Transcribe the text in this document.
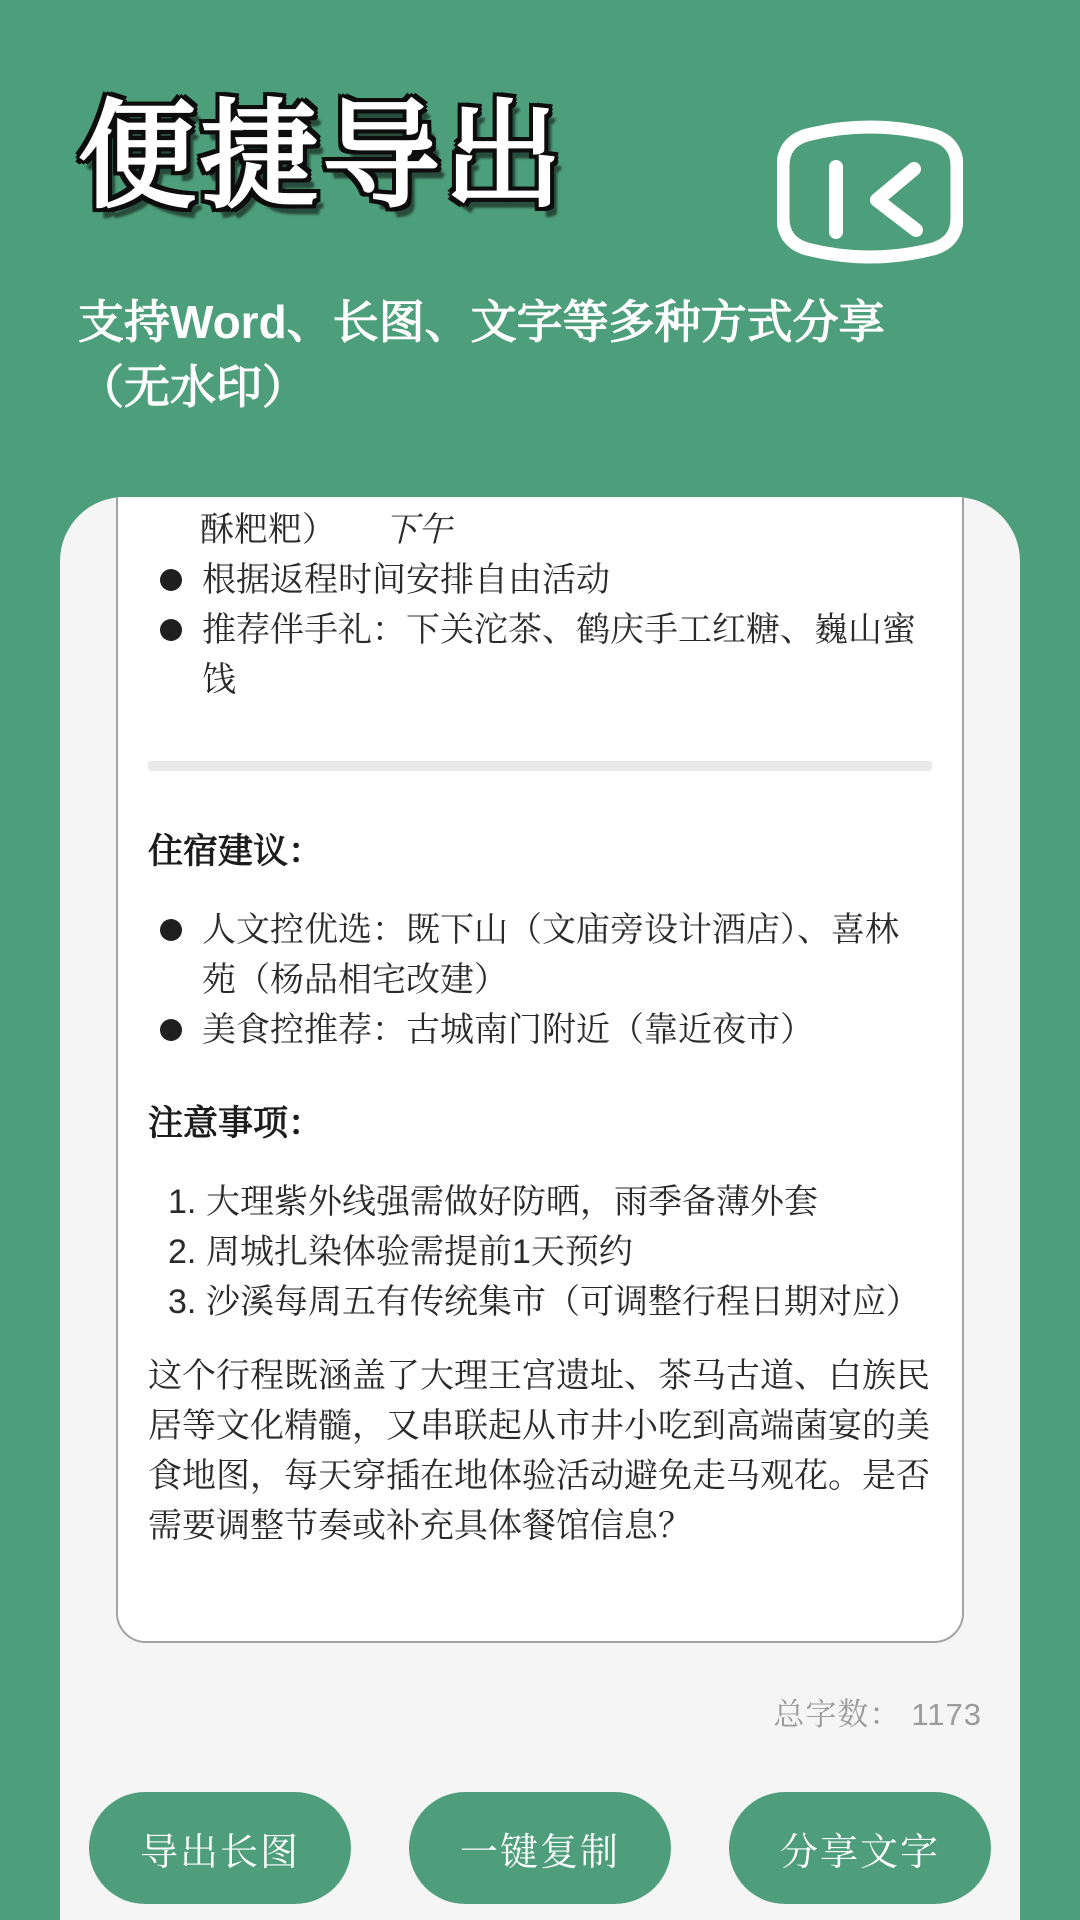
便捷导出
支持Word、长图、文字等多种方式分享（无水印）
酥粑粑） 下午
根据返程时间安排自由活动
推荐伴手礼：下关沱茶、鹤庆手工红糖、巍山蜜饯
住宿建议：
人文控优选：既下山（文庙旁设计酒店）、喜林苑（杨品相宅改建）
美食控推荐：古城南门附近（靠近夜市）
注意事项：
大理紫外线强需做好防晒，雨季备薄外套
周城扎染体验需提前1天预约
沙溪每周五有传统集市（可调整行程日期对应）

这个行程既涵盖了大理王宫遗址、茶马古道、白族民居等文化精髓，又串联起从市井小吃到高端菌宴的美食地图，每天穿插在地体验活动避免走马观花。是否需要调整节奏或补充具体餐馆信息？

总字数： 1173
导出长图	一键复制	分享文字
